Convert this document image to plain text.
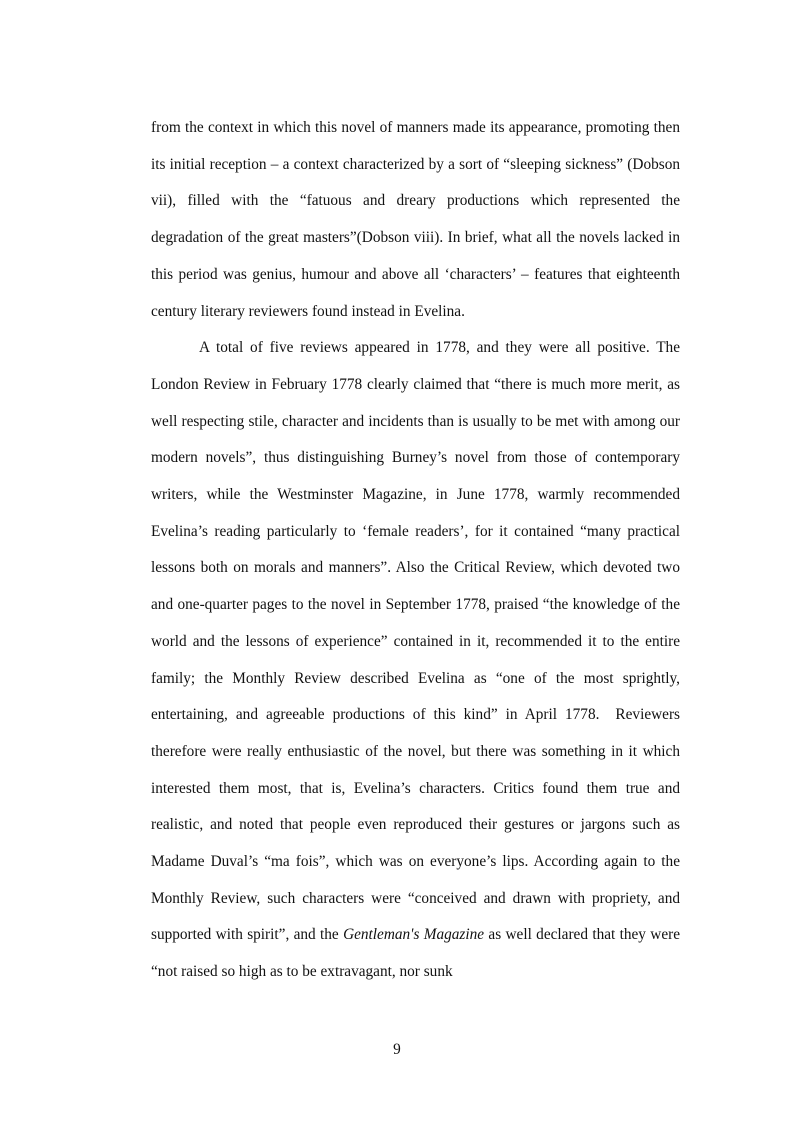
from the context in which this novel of manners made its appearance, promoting then its initial reception – a context characterized by a sort of “sleeping sickness” (Dobson vii), filled with the “fatuous and dreary productions which represented the degradation of the great masters”(Dobson viii). In brief, what all the novels lacked in this period was genius, humour and above all ‘characters’ – features that eighteenth century literary reviewers found instead in Evelina.

A total of five reviews appeared in 1778, and they were all positive. The London Review in February 1778 clearly claimed that “there is much more merit, as well respecting stile, character and incidents than is usually to be met with among our modern novels”, thus distinguishing Burney’s novel from those of contemporary writers, while the Westminster Magazine, in June 1778, warmly recommended Evelina’s reading particularly to ‘female readers’, for it contained “many practical lessons both on morals and manners”. Also the Critical Review, which devoted two and one-quarter pages to the novel in September 1778, praised “the knowledge of the world and the lessons of experience” contained in it, recommended it to the entire family; the Monthly Review described Evelina as “one of the most sprightly, entertaining, and agreeable productions of this kind” in April 1778.  Reviewers therefore were really enthusiastic of the novel, but there was something in it which interested them most, that is, Evelina’s characters. Critics found them true and realistic, and noted that people even reproduced their gestures or jargons such as Madame Duval’s “ma fois”, which was on everyone’s lips. According again to the Monthly Review, such characters were “conceived and drawn with propriety, and supported with spirit”, and the Gentleman's Magazine as well declared that they were “not raised so high as to be extravagant, nor sunk

9
